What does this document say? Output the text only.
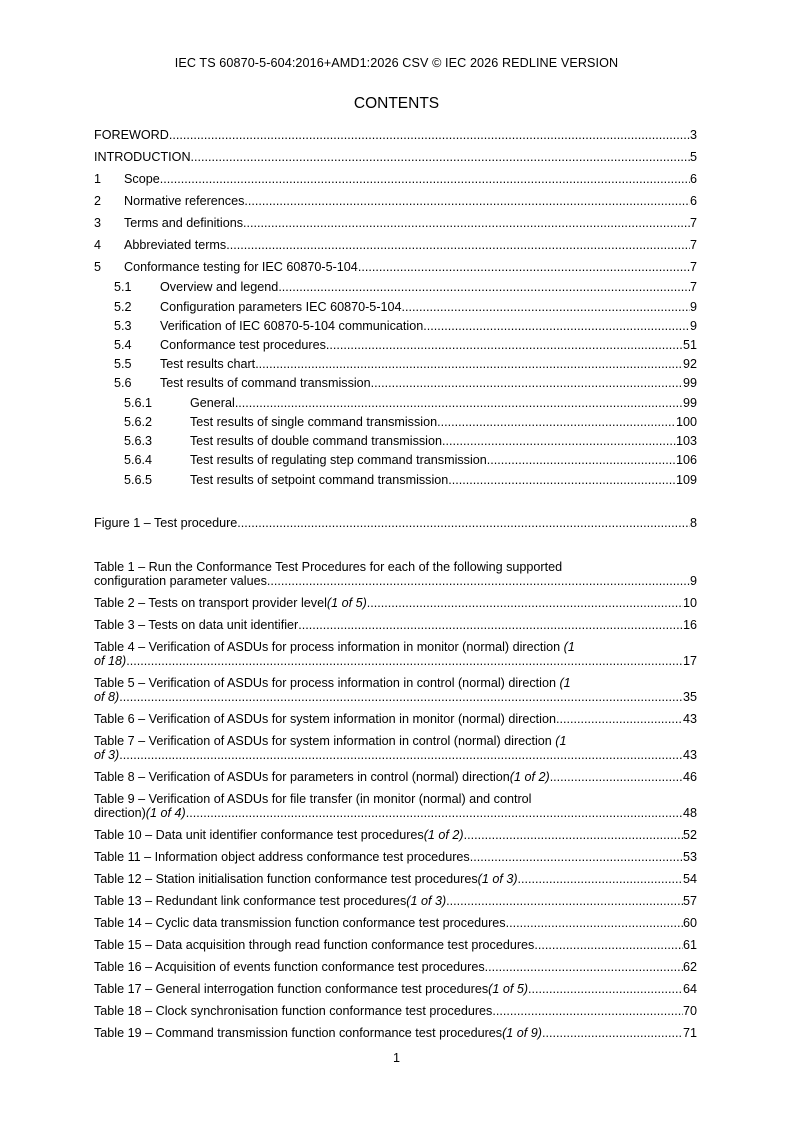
IEC TS 60870-5-604:2016+AMD1:2026 CSV © IEC 2026 REDLINE VERSION
CONTENTS
FOREWORD .....	3
INTRODUCTION .....	5
1	Scope .....	6
2	Normative references .....	6
3	Terms and definitions .....	7
4	Abbreviated terms .....	7
5	Conformance testing for IEC 60870-5-104 .....	7
5.1	Overview and legend .....	7
5.2	Configuration parameters IEC 60870-5-104 .....	9
5.3	Verification of IEC 60870-5-104 communication .....	9
5.4	Conformance test procedures .....	51
5.5	Test results chart .....	92
5.6	Test results of command transmission .....	99
5.6.1	General .....	99
5.6.2	Test results of single command transmission .....	100
5.6.3	Test results of double command transmission .....	103
5.6.4	Test results of regulating step command transmission .....	106
5.6.5	Test results of setpoint command transmission .....	109
Figure 1 – Test procedure .....	8
Table 1 – Run the Conformance Test Procedures for each of the following supported
configuration parameter values .....	9
Table 2 – Tests on transport provider level (1 of 5) .....	10
Table 3 – Tests on data unit identifier .....	16
Table 4 – Verification of ASDUs for process information in monitor (normal) direction (1
of 18) .....	17
Table 5 – Verification of ASDUs for process information in control (normal) direction (1
of 8) .....	35
Table 6 – Verification of ASDUs for system information in monitor (normal) direction .....	43
Table 7 – Verification of ASDUs for system information in control (normal) direction (1
of 3) .....	43
Table 8 – Verification of ASDUs for parameters in control (normal) direction (1 of 2) .....	46
Table 9 – Verification of ASDUs for file transfer (in monitor (normal) and control
direction) (1 of 4) .....	48
Table 10 – Data unit identifier conformance test procedures (1 of 2) .....	52
Table 11 – Information object address conformance test procedures .....	53
Table 12 – Station initialisation function conformance test procedures (1 of 3) .....	54
Table 13 – Redundant link conformance test procedures (1 of 3) .....	57
Table 14 – Cyclic data transmission function conformance test procedures .....	60
Table 15 – Data acquisition through read function conformance test procedures .....	61
Table 16 – Acquisition of events function conformance test procedures .....	62
Table 17 – General interrogation function conformance test procedures (1 of 5) .....	64
Table 18 – Clock synchronisation function conformance test procedures .....	70
Table 19 – Command transmission function conformance test procedures (1 of 9) .....	71
1
